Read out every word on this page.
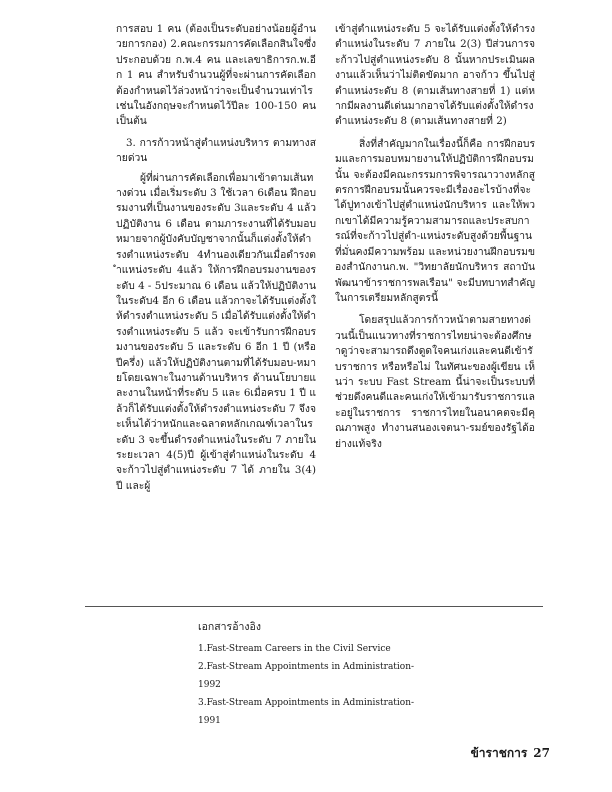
การสอบ 1 คน (ต้องเป็นระดับอย่างน้อยผู้อำนวยการกอง) 2.คณะกรรมการคัดเลือกสินใจซึ่งประกอบด้วย ก.พ.4 คน และเลขาธิการก.พ.อีก 1 คน สำหรับจำนวนผู้ที่จะผ่านการคัดเลือก ต้องกำหนดไว้ล่วงหน้าว่าจะเป็นจำนวนเท่าไร เช่นในอังกฤษจะกำหนดไว้ปีละ 100-150 คน เป็นต้น

3. การก้าวหน้าสู่ตำแหน่งบริหาร ตามทางสายด่วน

ผู้ที่ผ่านการคัดเลือกเพื่อมาเข้าตามเส้นทางด่วน เมื่อเริ่มระดับ 3 ใช้เวลา 6เดือน ฝึกอบรมงานที่เป็นงานของระดับ 3และระดับ 4 แล้วปฏิบัติงาน 6 เดือน ตามภาระงานที่ได้รับมอบหมายจากผู้บังคับบัญชาจากนั้นก็แต่งตั้งให้ดำรงตำแหน่งระดับ 4ทำนองเดียวกันเมื่อดำรงตำแหน่งระดับ 4แล้ว ให้การฝึกอบรมงานของระดับ 4 - 5ประมาณ 6 เดือน แล้วให้ปฏิบัติงานในระดับ4 อีก 6 เดือน แล้วกาจะได้รับแต่งตั้งให้ดำรงตำแหน่งระดับ 5 เมื่อได้รับแต่งตั้งให้ดำรงตำแหน่งระดับ 5 แล้ว จะเข้ารับการฝึกอบรมงานของระดับ 5 และระดับ 6 อีก 1 ปี (หรือปีครึ่ง) แล้วให้ปฏิบัติงานตามที่ได้รับมอบ-หมายโดยเฉพาะในงานด้านบริหาร ด้านนโยบายและงานในหน้าที่ระดับ 5 และ 6เมื่อครบ 1 ปี แล้วก็ได้รับแต่งตั้งให้ดำรงตำแหน่งระดับ 7 จึงจะเห็นได้ว่าหนักและฉลาดหลักเกณฑ์เวลาในระดับ 3 จะขึ้นดำรงตำแหน่งในระดับ 7 ภายในระยะเวลา 4(5)ปี ผู้เข้าสู่ตำแหน่งในระดับ 4 จะก้าวไปสู่ตำแหน่งระดับ 7 ได้ ภายใน 3(4) ปี และผู้

เข้าสู่ตำแหน่งระดับ 5 จะได้รับแต่งตั้งให้ดำรงตำแหน่งในระดับ 7 ภายใน 2(3) ปีส่วนการจะก้าวไปสู่ตำแหน่งระดับ 8 นั้นหากประเมินผลงานแล้วเห็นว่าไม่ติดขัดมาก อาจก้าว ขึ้นไปสู่ตำแหน่งระดับ 8 (ตามเส้นทางสายที่ 1) แต่หากมีผลงานดีเด่นมากอาจได้รับแต่งตั้งให้ดำรงตำแหน่งระดับ 8 (ตามเส้นทางสายที่ 2)

สิ่งที่สำคัญมากในเรื่องนี้ก็คือ การฝึกอบรมและการมอบหมายงานให้ปฏิบัติการฝึกอบรมนั้น จะต้องมีคณะกรรมการพิจารณาวางหลักสูตรการฝึกอบรมนั้นควรจะมีเรื่องอะไรบ้างที่จะได้ปูทางเข้าไปสู่ตำแหน่งนักบริหาร และให้พวกเขาได้มีความรู้ความสามารถและประสบการณ์ที่จะก้าวไปสู่ตำ-แหน่งระดับสูงด้วยพื้นฐานที่มั่นคงมีความพร้อม และหน่วยงานฝึกอบรมของสำนักงานก.พ. "วิทยาลัยนักบริหาร สถาบันพัฒนาข้าราชการพลเรือน" จะมีบทบาทสำคัญในการเตรียมหลักสูตรนี้

โดยสรุปแล้วการก้าวหน้าตามสายทางด่วนนี้เป็นแนวทางที่ราชการไทยน่าจะต้องศึกษาดูว่าจะสามารถดึงดูดใจคนเก่งและคนดีเข้ารับราชการ หรือหรือไม่ ในทัศนะของผู้เขียน เห็นว่า ระบบ Fast Stream นี้น่าจะเป็นระบบที่ช่วยดึงคนดีและคนเก่งให้เข้ามารับราชการและอยู่ในราชการ ราชการไทยในอนาคตจะมีคุณภาพสูง ทำงานสนองเจตนา-รมย์ของรัฐได้อย่างแท้จริง

เอกสารอ้างอิง
1.Fast-Stream Careers in the Civil Service
2.Fast-Stream Appointments in Administration-
1992
3.Fast-Stream Appointments in Administration-
1991
ข้าราชการ 27
